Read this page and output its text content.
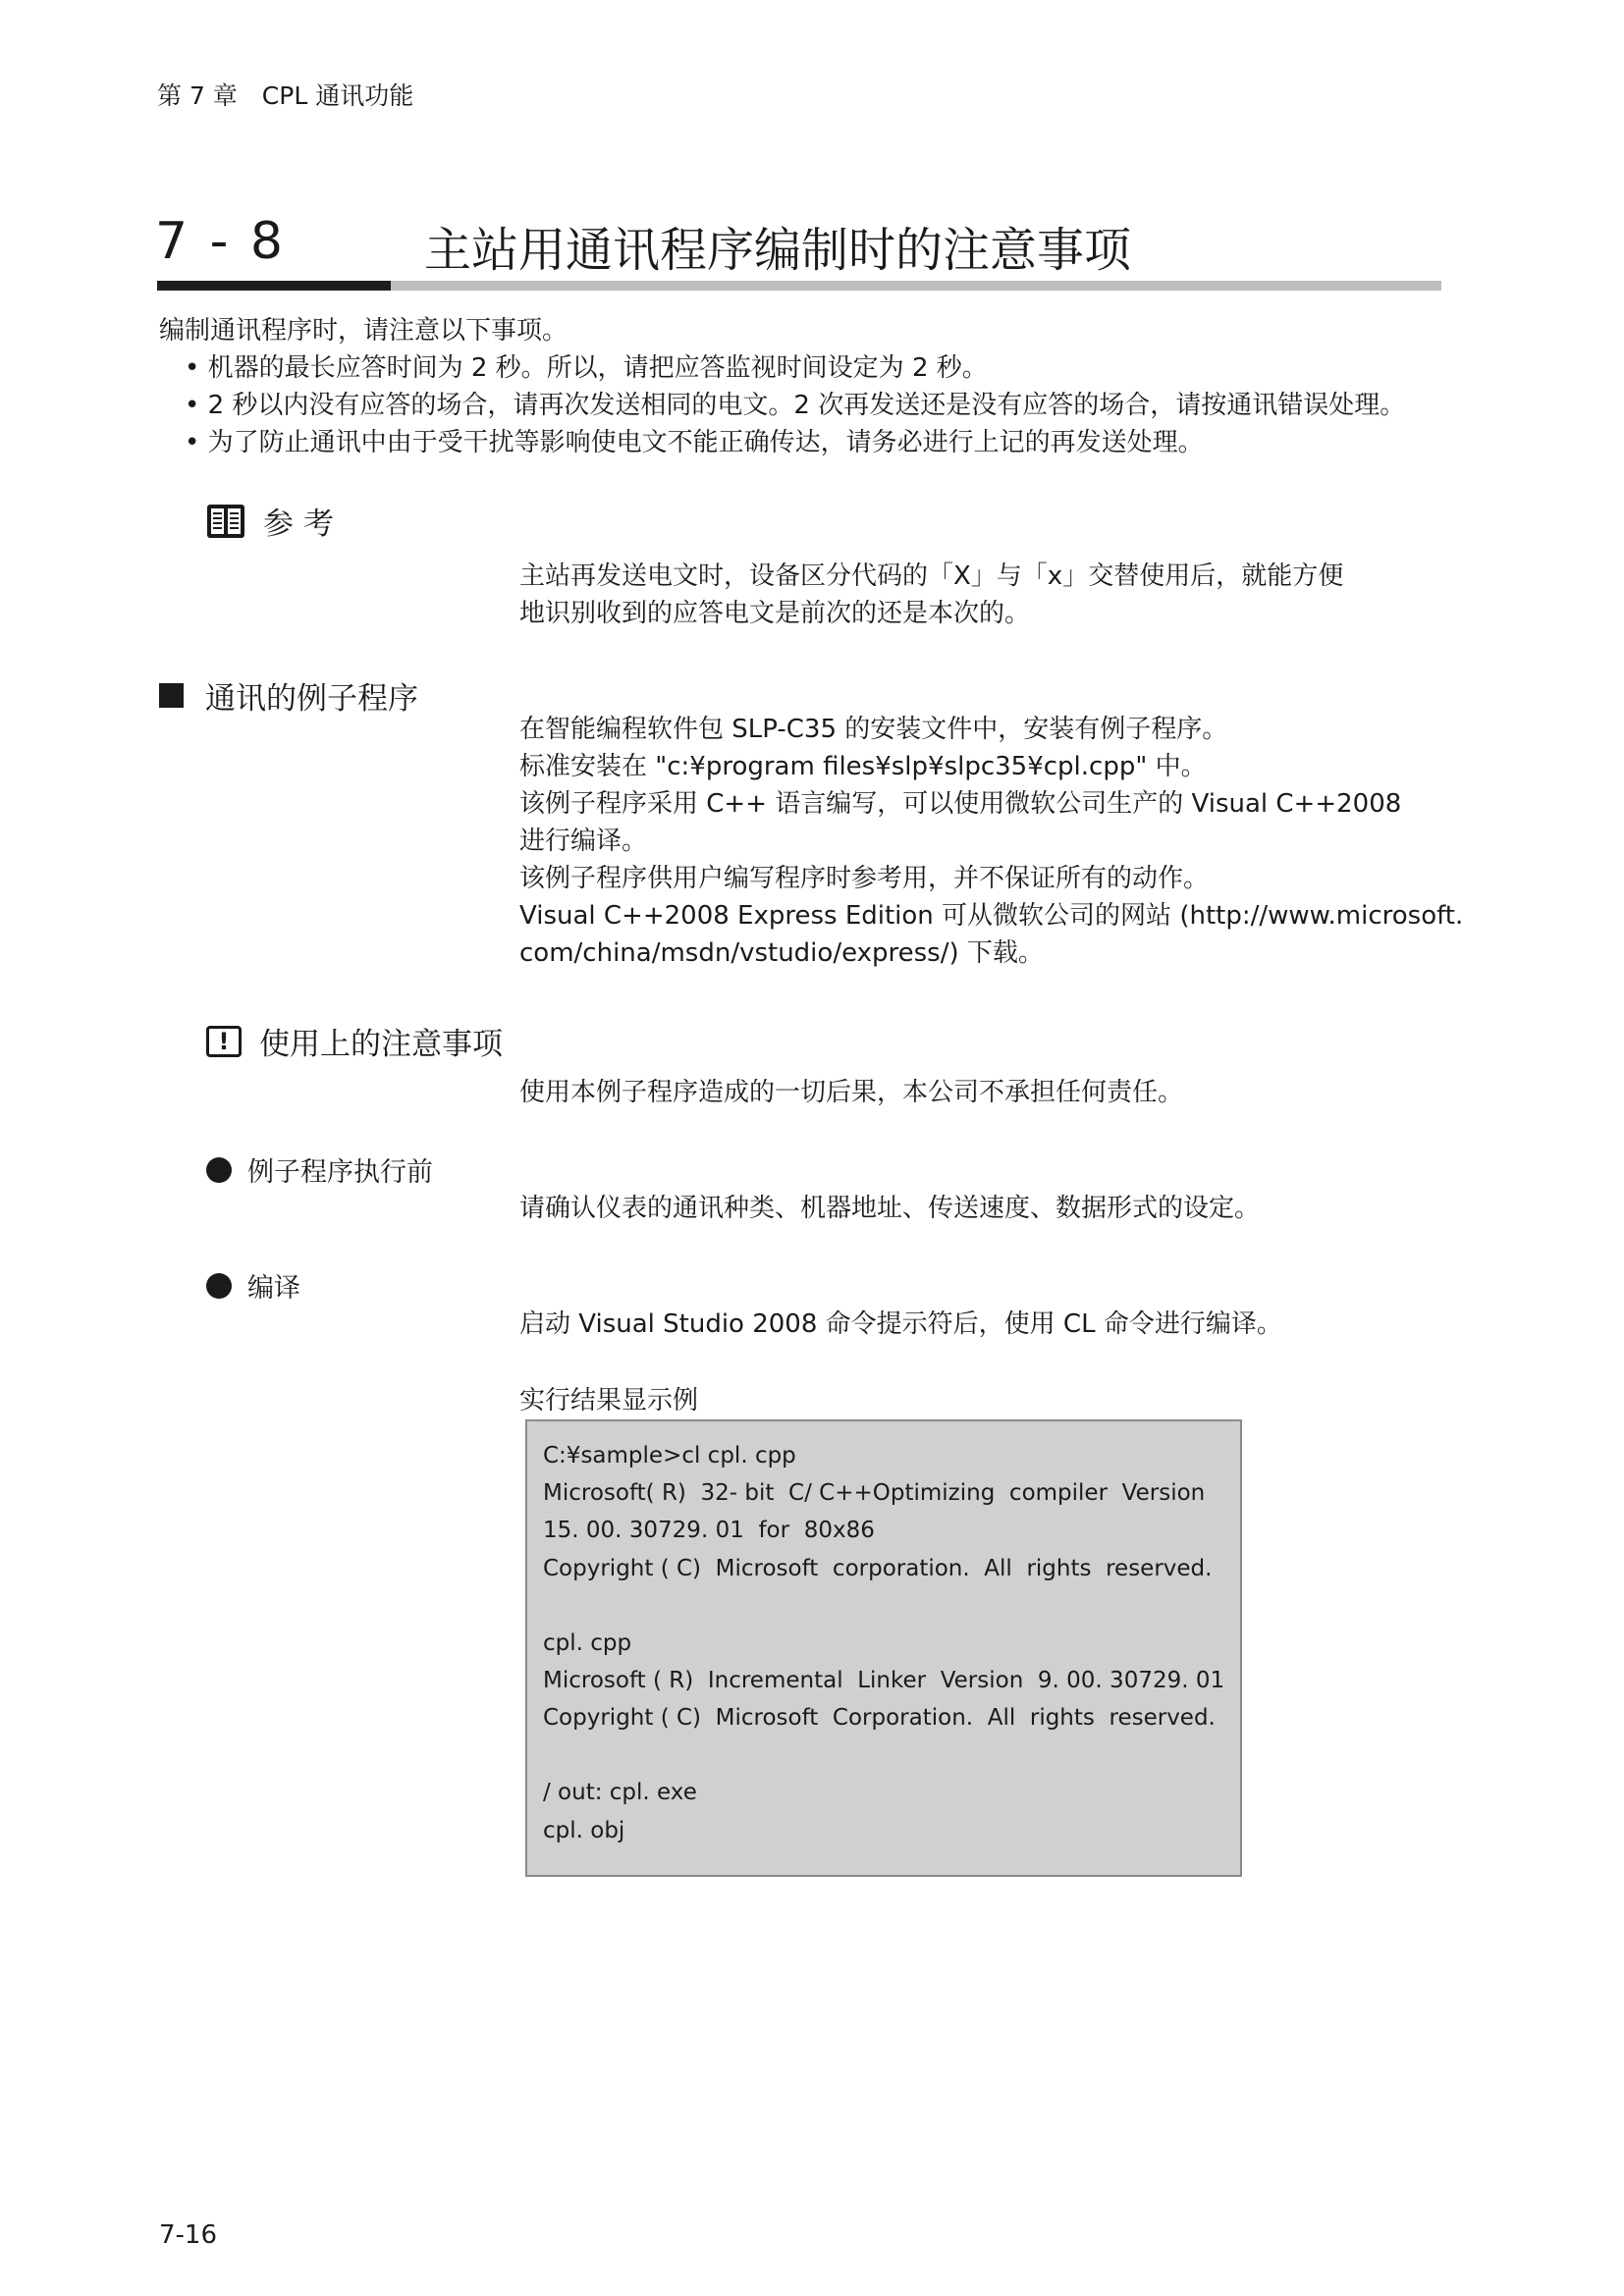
第 7 章　CPL 通讯功能
7 - 8	主站用通讯程序编制时的注意事项
编制通讯程序时，请注意以下事项。
• 机器的最长应答时间为 2 秒。所以，请把应答监视时间设定为 2 秒。
• 2 秒以内没有应答的场合，请再次发送相同的电文。2 次再发送还是没有应答的场合，请按通讯错误处理。
• 为了防止通讯中由于受干扰等影响使电文不能正确传达，请务必进行上记的再发送处理。
参考
主站再发送电文时，设备区分代码的「X」与「x」交替使用后，就能方便
地识别收到的应答电文是前次的还是本次的。
通讯的例子程序
在智能编程软件包 SLP-C35 的安装文件中，安装有例子程序。
标准安装在 "c:¥program files¥slp¥slpc35¥cpl.cpp" 中。
该例子程序采用 C++ 语言编写，可以使用微软公司生产的 Visual C++2008
进行编译。
该例子程序供用户编写程序时参考用，并不保证所有的动作。
Visual C++2008 Express Edition 可从微软公司的网站 (http://www.microsoft.
com/china/msdn/vstudio/express/) 下载。
! 使用上的注意事项
使用本例子程序造成的一切后果，本公司不承担任何责任。
例子程序执行前
请确认仪表的通讯种类、机器地址、传送速度、数据形式的设定。
编译
启动 Visual Studio 2008 命令提示符后，使用 CL 命令进行编译。
实行结果显示例
C:¥sample>cl cpl. cpp
Microsoft( R)  32- bit  C/ C++Optimizing  compiler  Version
15. 00. 30729. 01  for  80x86
Copyright ( C)  Microsoft  corporation.  All  rights  reserved.
cpl. cpp
Microsoft ( R)  Incremental  Linker  Version  9. 00. 30729. 01
Copyright ( C)  Microsoft  Corporation.  All  rights  reserved.
/ out: cpl. exe
cpl. obj
7-16
